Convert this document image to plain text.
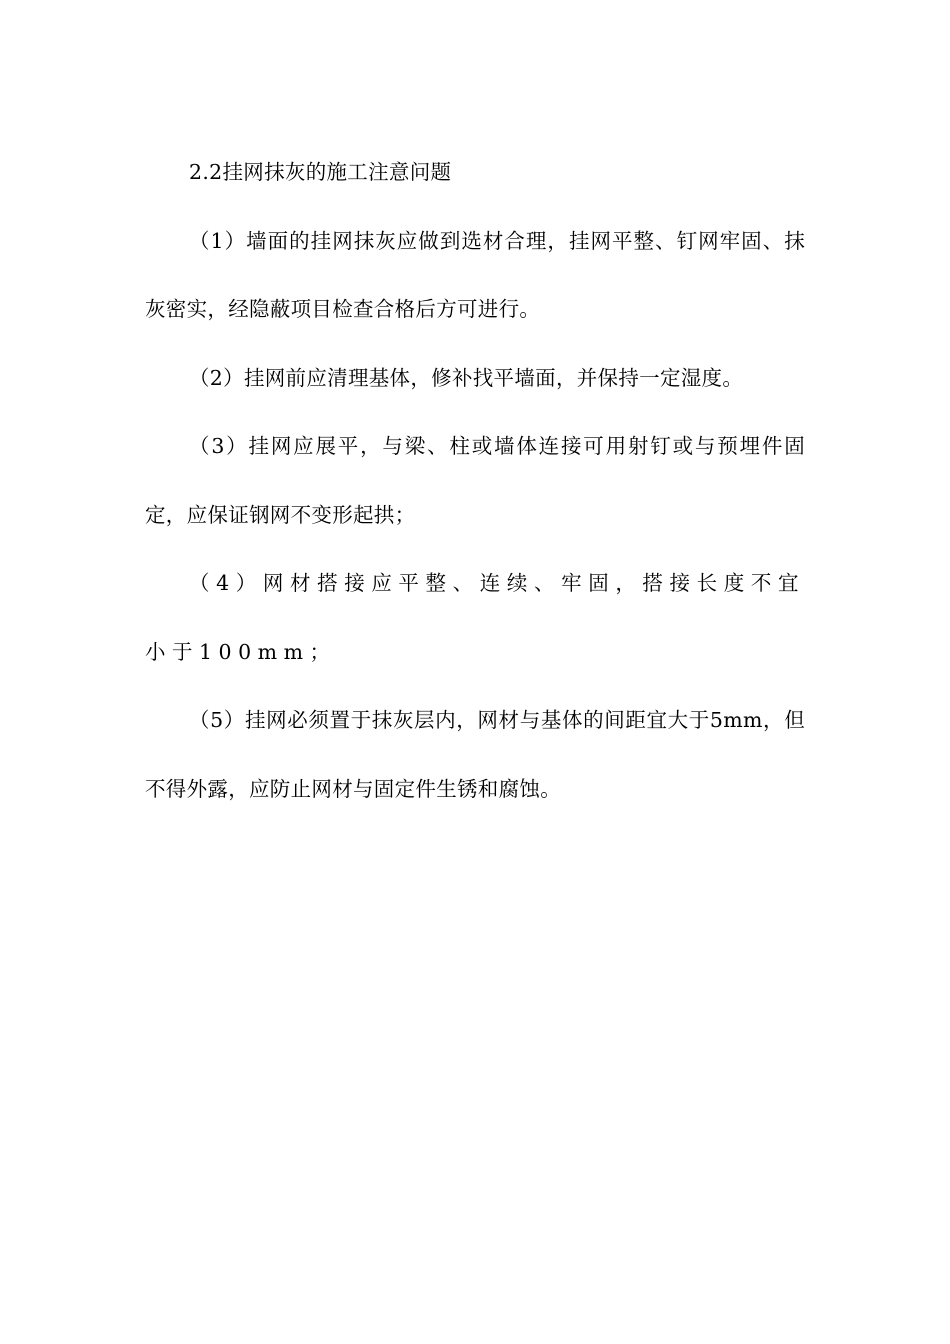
2.2挂网抹灰的施工注意问题

（1）墙面的挂网抹灰应做到选材合理，挂网平整、钉网牢固、抹灰密实，经隐蔽项目检查合格后方可进行。

（2）挂网前应清理基体，修补找平墙面，并保持一定湿度。

（3）挂网应展平，与梁、柱或墙体连接可用射钉或与预埋件固定，应保证钢网不变形起拱；

（4）网材搭接应平整、连续、牢固，搭接长度不宜小于100mm；

（5）挂网必须置于抹灰层内，网材与基体的间距宜大于5mm，但不得外露，应防止网材与固定件生锈和腐蚀。
